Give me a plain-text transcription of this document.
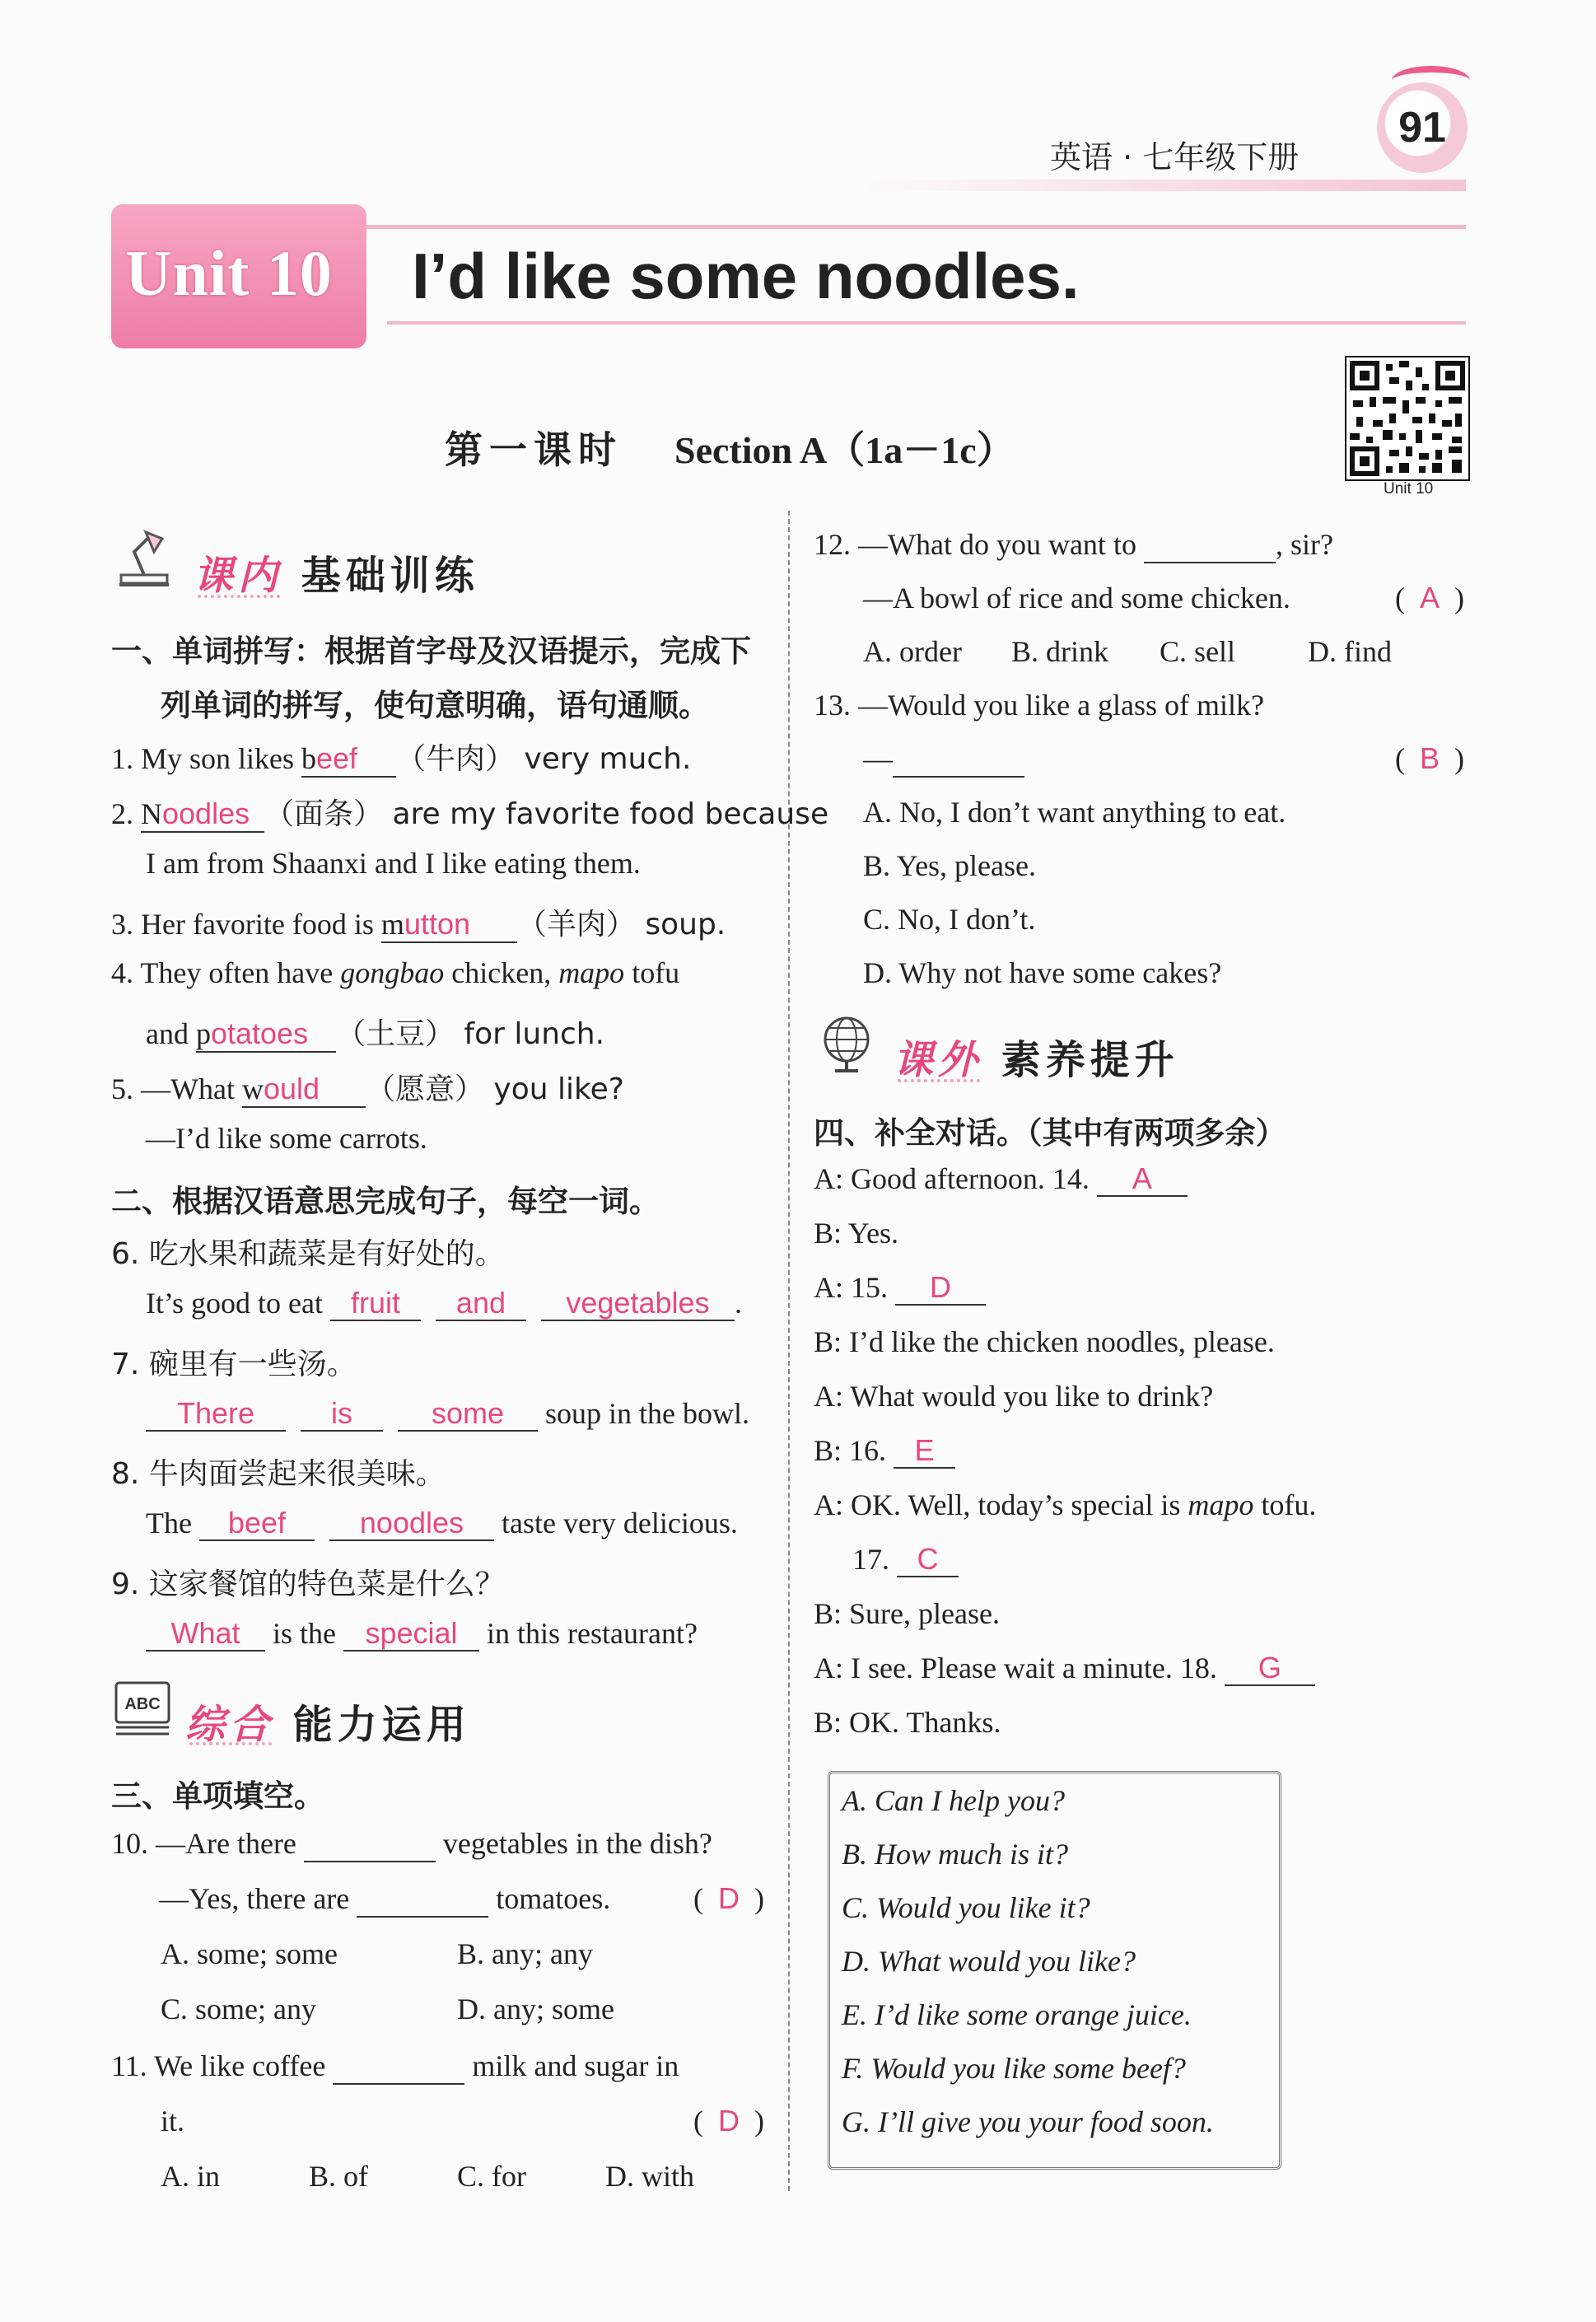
91
英语 · 七年级下册
Unit 10 I’d like some noodles.
Unit 10
第一课时 Section A（1a－1c）
课内 基础训练
一、单词拼写：根据首字母及汉语提示，完成下
列单词的拼写，使句意明确，语句通顺。
1. My son likes beef （牛肉） very much.
2. Noodles （面条） are my favorite food because
I am from Shaanxi and I like eating them.
3. Her favorite food is mutton （羊肉） soup.
4. They often have gongbao chicken, mapo tofu
and potatoes （土豆） for lunch.
5. —What would （愿意） you like?
—I’d like some carrots.
二、根据汉语意思完成句子，每空一词。
6. 吃水果和蔬菜是有好处的。
It’s good to eat fruit and vegetables .
7. 碗里有一些汤。
There	is	some soup in the bowl.
8. 牛肉面尝起来很美味。
The beef noodles taste very delicious.
9. 这家餐馆的特色菜是什么？
What is the special in this restaurant?
ABC 综合 能力运用
三、单项填空。
10. —Are there	vegetables in the dish?
—Yes, there are	tomatoes.	(  D  )
A. some; some	B. any; any
C. some; any	D. any; some
11. We like coffee	milk and sugar in
it.	(  D  )
A. in	B. of	C. for	D. with
12. —What do you want to	, sir?
—A bowl of rice and some chicken.	(  A  )
A. order B. drink C. sell D. find
13. —Would you like a glass of milk?
—	(  B  )
A. No, I don’t want anything to eat.
B. Yes, please.
C. No, I don’t.
D. Why not have some cakes?
课外 素养提升
四、补全对话。（其中有两项多余）
A: Good afternoon. 14. A
B: Yes.
A: 15. D
B: I’d like the chicken noodles, please.
A: What would you like to drink?
B: 16. E
A: OK. Well, today’s special is mapo tofu.
17. C
B: Sure, please.
A: I see. Please wait a minute. 18. G
B: OK. Thanks.
A. Can I help you?
B. How much is it?
C. Would you like it?
D. What would you like?
E. I’d like some orange juice.
F. Would you like some beef?
G. I’ll give you your food soon.
